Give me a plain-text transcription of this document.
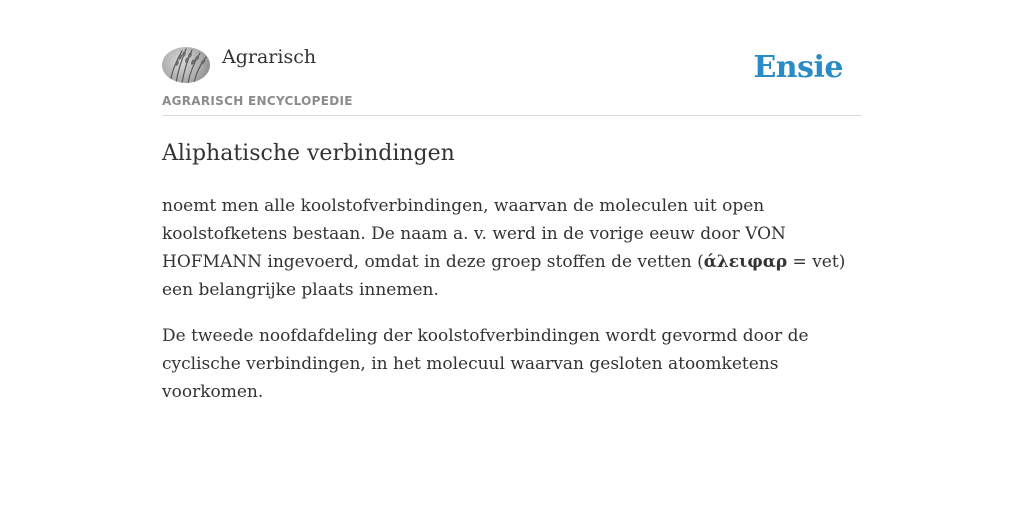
Agrarisch
AGRARISCH ENCYCLOPEDIE
Ensie
Aliphatische verbindingen

noemt men alle koolstofverbindingen, waarvan de moleculen uit open koolstofketens bestaan. De naam a. v. werd in de vorige eeuw door VON HOFMANN ingevoerd, omdat in deze groep stoffen de vetten (άλειφαρ = vet) een belangrijke plaats innemen.

De tweede noofdafdeling der koolstofverbindingen wordt gevormd door de cyclische verbindingen, in het molecuul waarvan gesloten atoomketens voorkomen.
